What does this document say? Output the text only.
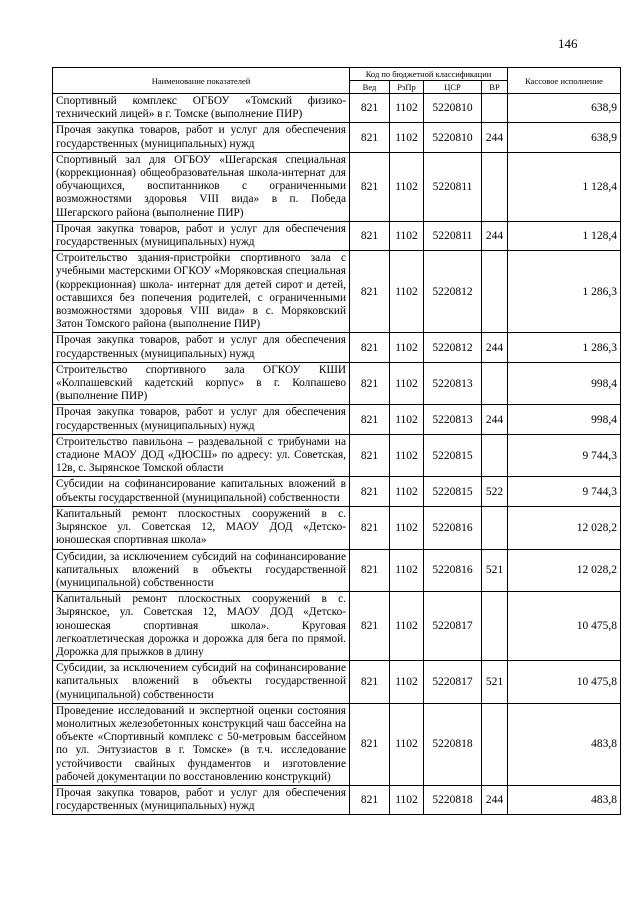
146
Наименование показателей	Код по бюджетной классификации				Кассовое исполнение
	Вед	РзПр	ЦСР	ВР	
Спортивный комплекс ОГБОУ «Томский физико-технический лицей» в г. Томске (выполнение ПИР)	821	1102	5220810		638,9
Прочая закупка товаров, работ и услуг для обеспечения государственных (муниципальных) нужд	821	1102	5220810	244	638,9
Спортивный зал для ОГБОУ «Шегарская специальная (коррекционная) общеобразовательная школа-интернат для обучающихся, воспитанников с ограниченными возможностями здоровья VIII вида» в п. Победа Шегарского района (выполнение ПИР)	821	1102	5220811		1 128,4
Прочая закупка товаров, работ и услуг для обеспечения государственных (муниципальных) нужд	821	1102	5220811	244	1 128,4
Строительство здания-пристройки спортивного зала с учебными мастерскими ОГКОУ «Моряковская специальная (коррекционная) школа- интернат для детей сирот и детей, оставшихся без попечения родителей, с ограниченными возможностями здоровья VIII вида» в с. Моряковский Затон Томского района (выполнение ПИР)	821	1102	5220812		1 286,3
Прочая закупка товаров, работ и услуг для обеспечения государственных (муниципальных) нужд	821	1102	5220812	244	1 286,3
Строительство спортивного зала ОГКОУ КШИ «Колпашевский кадетский корпус» в г. Колпашево (выполнение ПИР)	821	1102	5220813		998,4
Прочая закупка товаров, работ и услуг для обеспечения государственных (муниципальных) нужд	821	1102	5220813	244	998,4
Строительство павильона – раздевальной с трибунами на стадионе МАОУ ДОД «ДЮСШ» по адресу: ул. Советская, 12в, с. Зырянское Томской области	821	1102	5220815		9 744,3
Субсидии на софинансирование капитальных вложений в объекты государственной (муниципальной) собственности	821	1102	5220815	522	9 744,3
Капитальный ремонт плоскостных сооружений в с. Зырянское ул. Советская 12, МАОУ ДОД «Детско-юношеская спортивная школа»	821	1102	5220816		12 028,2
Субсидии, за исключением субсидий на софинансирование капитальных вложений в объекты государственной (муниципальной) собственности	821	1102	5220816	521	12 028,2
Капитальный ремонт плоскостных сооружений в с. Зырянское, ул. Советская 12, МАОУ ДОД «Детско-юношеская спортивная школа». Круговая легкоатлетическая дорожка и дорожка для бега по прямой. Дорожка для прыжков в длину	821	1102	5220817		10 475,8
Субсидии, за исключением субсидий на софинансирование капитальных вложений в объекты государственной (муниципальной) собственности	821	1102	5220817	521	10 475,8
Проведение исследований и экспертной оценки состояния монолитных железобетонных конструкций чаш бассейна на объекте «Спортивный комплекс с 50-метровым бассейном по ул. Энтузиастов в г. Томске» (в т.ч. исследование устойчивости свайных фундаментов и изготовление рабочей документации по восстановлению конструкций)	821	1102	5220818		483,8
Прочая закупка товаров, работ и услуг для обеспечения государственных (муниципальных) нужд	821	1102	5220818	244	483,8
